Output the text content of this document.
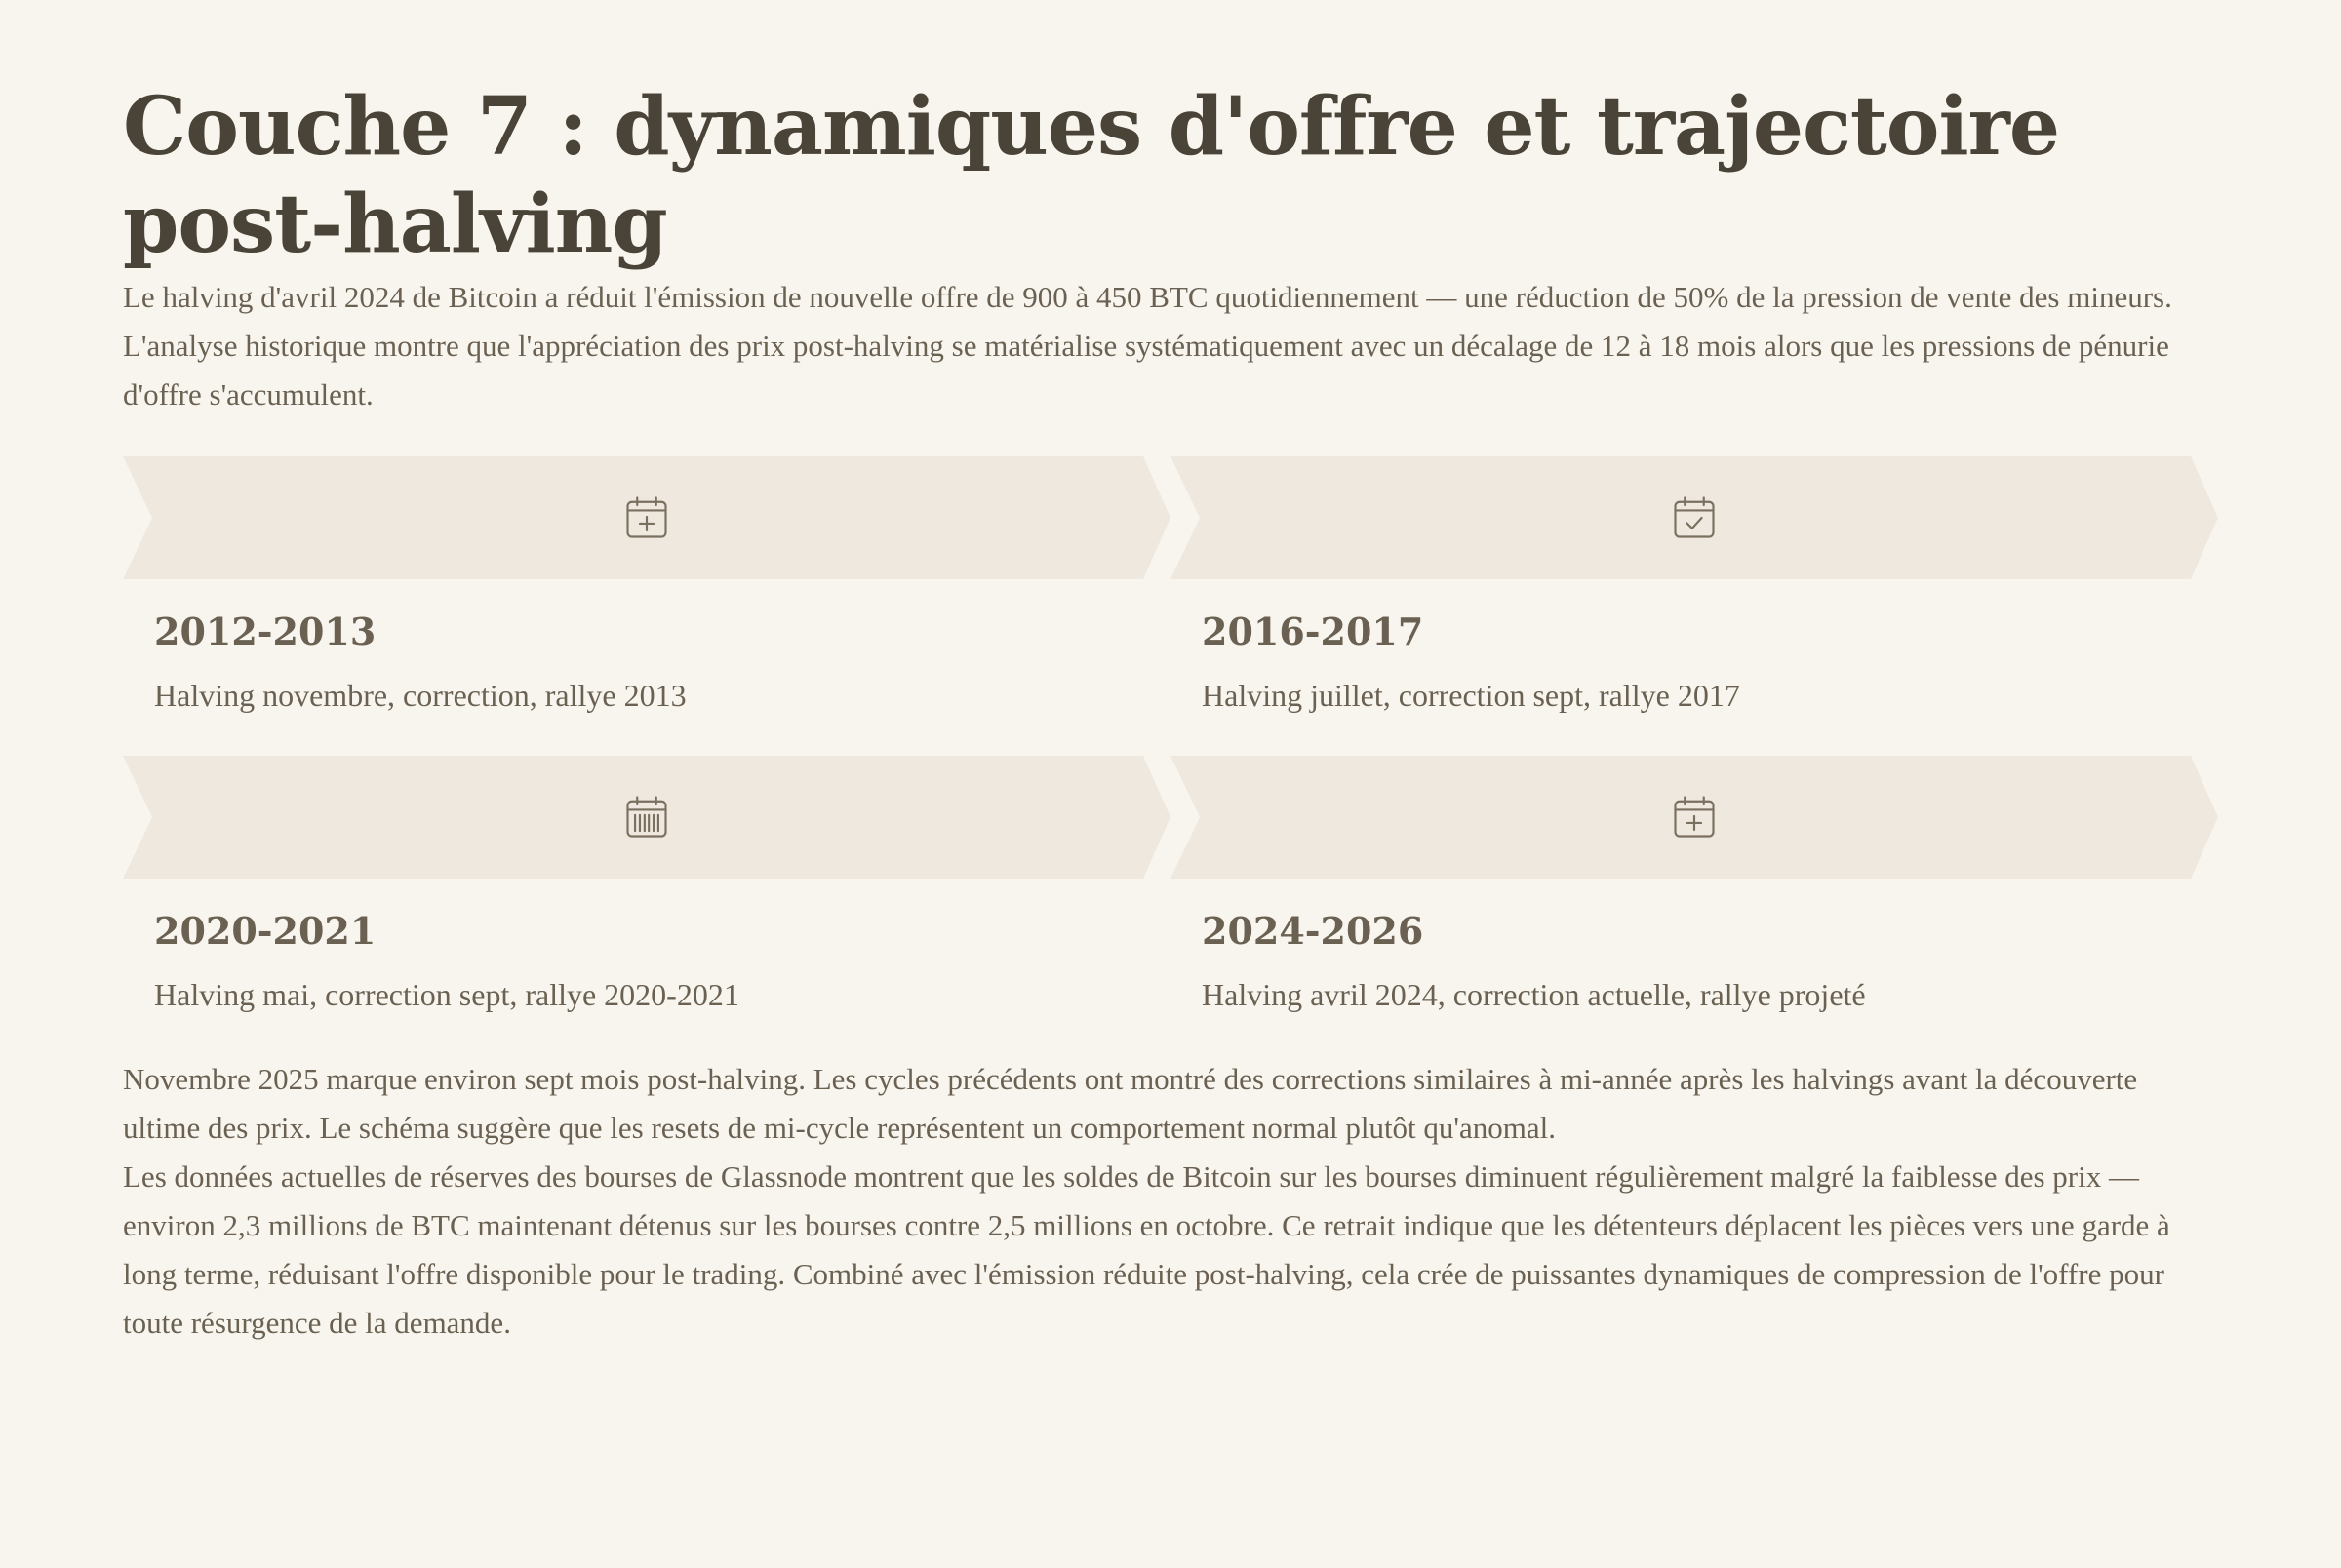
Couche 7 : dynamiques d'offre et trajectoire post-halving

Le halving d'avril 2024 de Bitcoin a réduit l'émission de nouvelle offre de 900 à 450 BTC quotidiennement — une réduction de 50% de la pression de vente des mineurs. L'analyse historique montre que l'appréciation des prix post-halving se matérialise systématiquement avec un décalage de 12 à 18 mois alors que les pressions de pénurie d'offre s'accumulent.

2012-2013
Halving novembre, correction, rallye 2013
2016-2017
Halving juillet, correction sept, rallye 2017
2020-2021
Halving mai, correction sept, rallye 2020-2021
2024-2026
Halving avril 2024, correction actuelle, rallye projeté

Novembre 2025 marque environ sept mois post-halving. Les cycles précédents ont montré des corrections similaires à mi-année après les halvings avant la découverte ultime des prix. Le schéma suggère que les resets de mi-cycle représentent un comportement normal plutôt qu'anomal.

Les données actuelles de réserves des bourses de Glassnode montrent que les soldes de Bitcoin sur les bourses diminuent régulièrement malgré la faiblesse des prix — environ 2,3 millions de BTC maintenant détenus sur les bourses contre 2,5 millions en octobre. Ce retrait indique que les détenteurs déplacent les pièces vers une garde à long terme, réduisant l'offre disponible pour le trading. Combiné avec l'émission réduite post-halving, cela crée de puissantes dynamiques de compression de l'offre pour toute résurgence de la demande.
